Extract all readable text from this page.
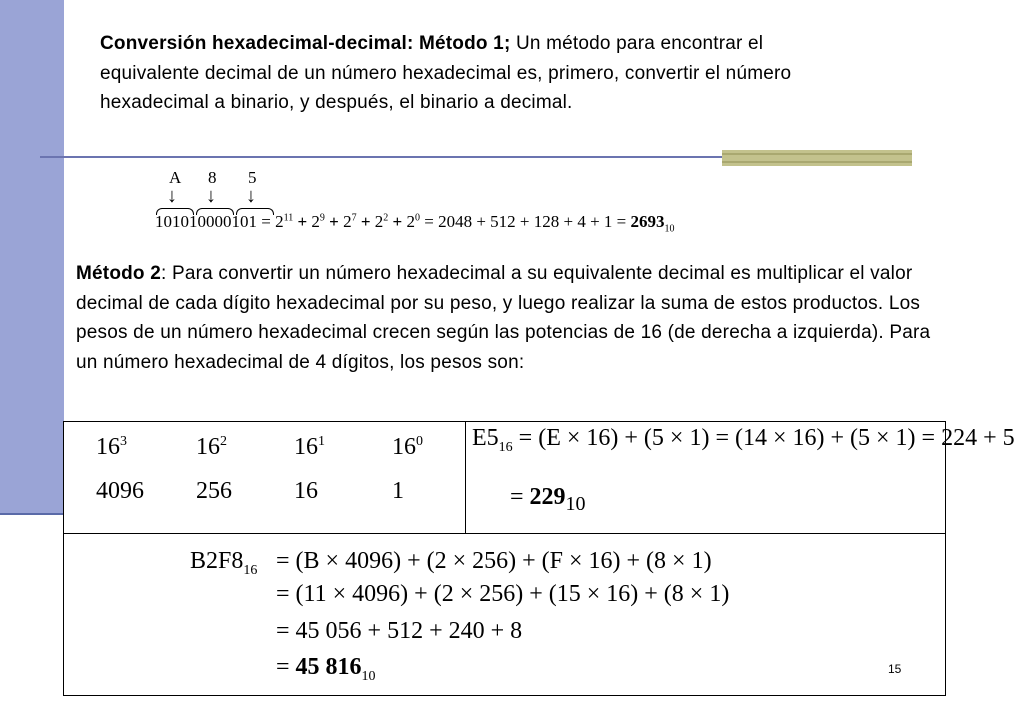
Conversión hexadecimal-decimal: Método 1; Un método para encontrar el equivalente decimal de un número hexadecimal es, primero, convertir el número hexadecimal a binario, y después, el binario a decimal.
A 8 5
↓ ↓ ↓
$101010000101 = 2^{11} + 2^9 + 2^7 + 2^2 + 2^0 = 2048 + 512 + 128 + 4 + 1 = 2693_{10}$
Método 2: Para convertir un número hexadecimal a su equivalente decimal es multiplicar el valor decimal de cada dígito hexadecimal por su peso, y luego realizar la suma de estos productos. Los pesos de un número hexadecimal crecen según las potencias de 16 (de derecha a izquierda). Para un número hexadecimal de 4 dígitos, los pesos son:
$16^3$	$16^2$	$16^1$	$16^0$
4096 256	16	1
$E5_{16} = (E \times 16) + (5 \times 1) = (14 \times 16) + (5 \times 1) = 224 + 5$
= $229_{10}$
$B2F8_{16} = (B \times 4096) + (2 \times 256) + (F \times 16) + (8 \times 1)$
= (11 × 4096) + (2 × 256) + (15 × 16) + (8 × 1)
= 45 056 + 512 + 240 + 8
= 45 $816_{10}$	15
